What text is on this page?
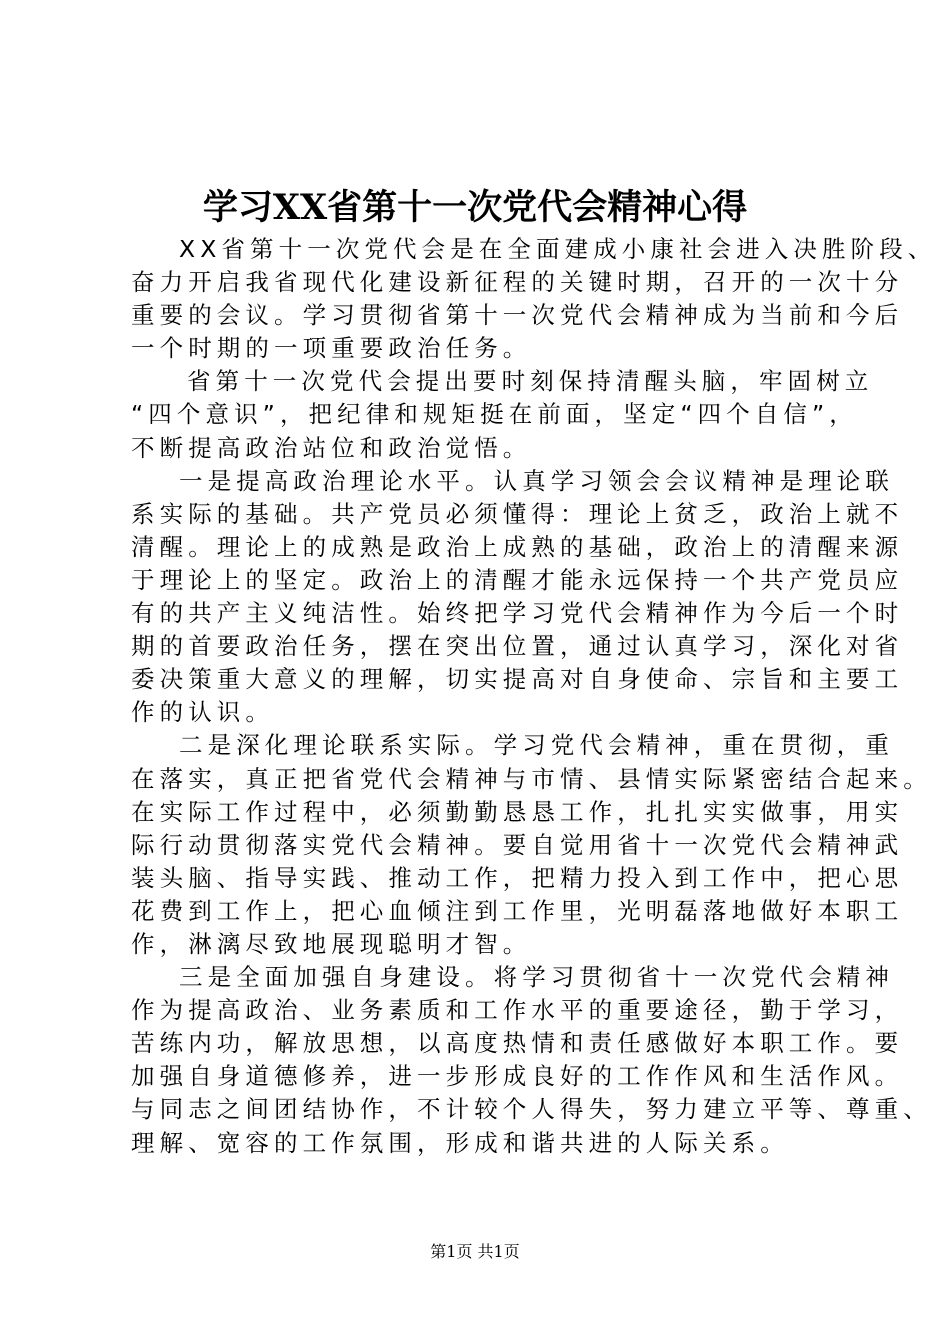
学习XX省第十一次党代会精神心得
XX省第十一次党代会是在全面建成小康社会进入决胜阶段、
奋力开启我省现代化建设新征程的关键时期，召开的一次十分
重要的会议。学习贯彻省第十一次党代会精神成为当前和今后
一个时期的一项重要政治任务。
省第十一次党代会提出要时刻保持清醒头脑，牢固树立
“四个意识”，把纪律和规矩挺在前面，坚定“四个自信”，
不断提高政治站位和政治觉悟。
一是提高政治理论水平。认真学习领会会议精神是理论联
系实际的基础。共产党员必须懂得：理论上贫乏，政治上就不
清醒。理论上的成熟是政治上成熟的基础，政治上的清醒来源
于理论上的坚定。政治上的清醒才能永远保持一个共产党员应
有的共产主义纯洁性。始终把学习党代会精神作为今后一个时
期的首要政治任务，摆在突出位置，通过认真学习，深化对省
委决策重大意义的理解，切实提高对自身使命、宗旨和主要工
作的认识。
二是深化理论联系实际。学习党代会精神，重在贯彻，重
在落实，真正把省党代会精神与市情、县情实际紧密结合起来。
在实际工作过程中，必须勤勤恳恳工作，扎扎实实做事，用实
际行动贯彻落实党代会精神。要自觉用省十一次党代会精神武
装头脑、指导实践、推动工作，把精力投入到工作中，把心思
花费到工作上，把心血倾注到工作里，光明磊落地做好本职工
作，淋漓尽致地展现聪明才智。
三是全面加强自身建设。将学习贯彻省十一次党代会精神
作为提高政治、业务素质和工作水平的重要途径，勤于学习，
苦练内功，解放思想，以高度热情和责任感做好本职工作。要
加强自身道德修养，进一步形成良好的工作作风和生活作风。
与同志之间团结协作，不计较个人得失，努力建立平等、尊重、
理解、宽容的工作氛围，形成和谐共进的人际关系。
第1页 共1页
